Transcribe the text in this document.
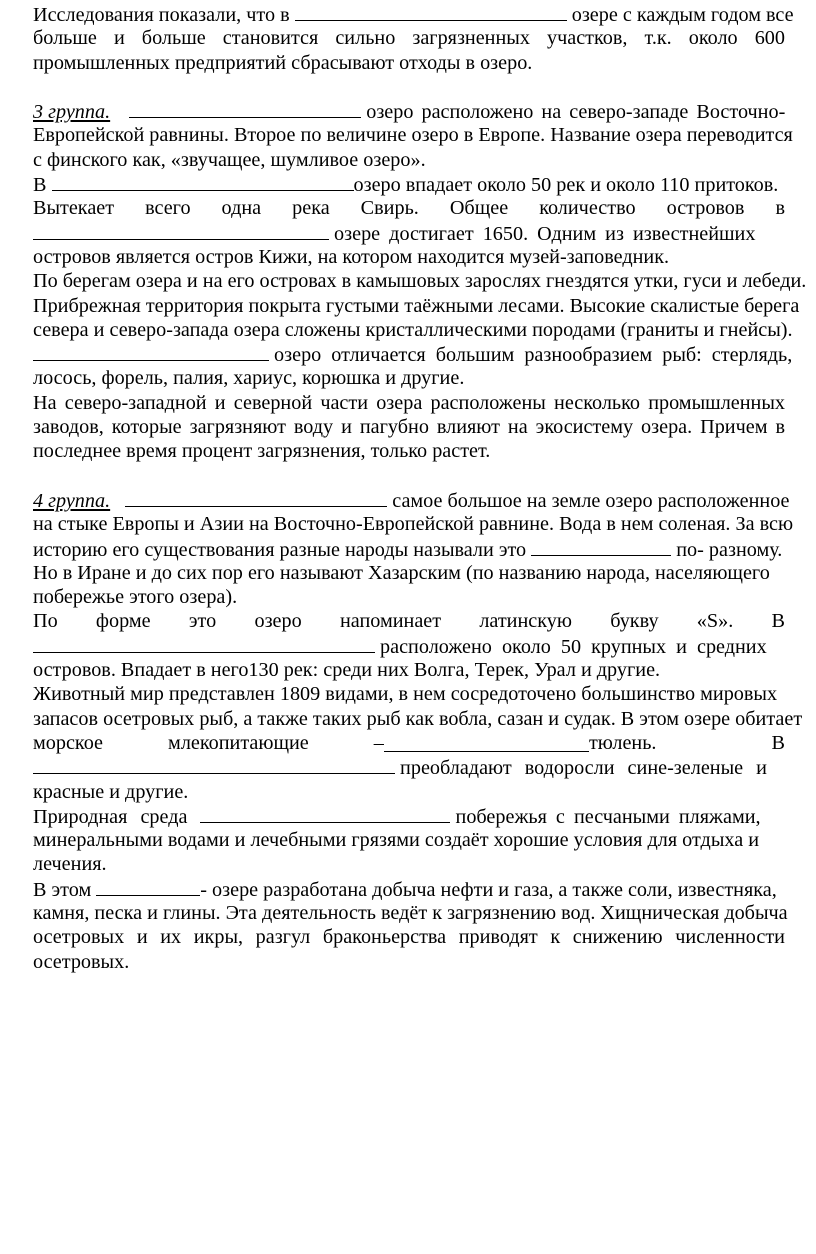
Исследования показали, что в	озере с каждым годом все
больше и больше становится сильно загрязненных участков, т.к. около 600
промышленных предприятий сбрасывают отходы в озеро.
3 группа.	озеро расположено на северо-западе Восточно-
Европейской равнины. Второе по величине озеро в Европе. Название озера переводится
с финского как, «звучащее, шумливое озеро».
В	озеро впадает около 50 рек и около 110 притоков.
Вытекает всего одна река Свирь. Общее количество островов в
озере достигает 1650. Одним из известнейших
островов является остров Кижи, на котором находится музей-заповедник.
По берегам озера и на его островах в камышовых зарослях гнездятся утки, гуси и лебеди.
Прибрежная территория покрыта густыми таёжными лесами. Высокие скалистые берега
севера и северо-запада озера сложены кристаллическими породами (граниты и гнейсы).
озеро отличается большим разнообразием рыб: стерлядь,
лосось, форель, палия, хариус, корюшка и другие.
На северо-западной и северной части озера расположены несколько промышленных
заводов, которые загрязняют воду и пагубно влияют на экосистему озера. Причем в
последнее время процент загрязнения, только растет.
4 группа.	самое большое на земле озеро расположенное
на стыке Европы и Азии на Восточно-Европейской равнине. Вода в нем соленая. За всю
историю его существования разные народы называли это	по- разному.
Но в Иране и до сих пор его называют Хазарским (по названию народа, населяющего
побережье этого озера).
По форме это озеро напоминает латинскую букву «S». В
расположено около 50 крупных и средних
островов. Впадает в него130 рек: среди них Волга, Терек, Урал и другие.
Животный мир представлен 1809 видами, в нем сосредоточено большинство мировых
запасов осетровых рыб, а также таких рыб как вобла, сазан и судак. В этом озере обитает
морское млекопитающие –	тюлень. В
преобладают водоросли сине-зеленые и
красные и другие.
Природная среда	побережья с песчаными пляжами,
минеральными водами и лечебными грязями создаёт хорошие условия для отдыха и
лечения.
В этом	- озере разработана добыча нефти и газа, а также соли, известняка,
камня, песка и глины. Эта деятельность ведёт к загрязнению вод. Хищническая добыча
осетровых и их икры, разгул браконьерства приводят к снижению численности
осетровых.
